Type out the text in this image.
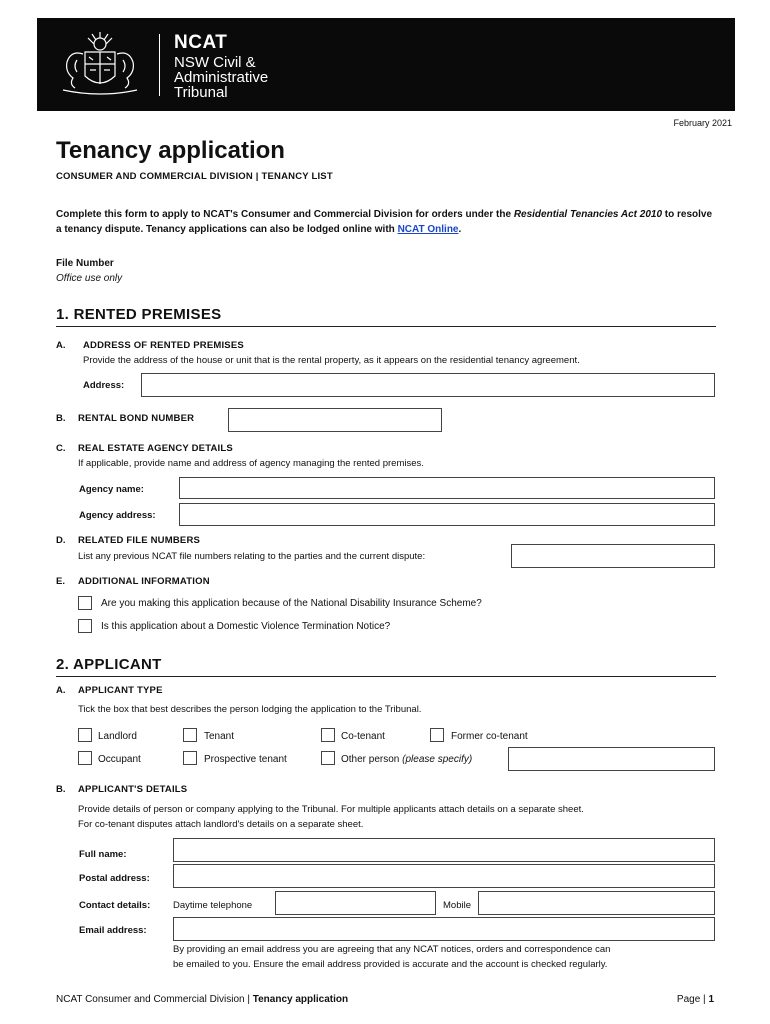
NCAT
NSW Civil &
Administrative
Tribunal
February 2021
Tenancy application
CONSUMER AND COMMERCIAL DIVISION | TENANCY LIST
Complete this form to apply to NCAT's Consumer and Commercial Division for orders under the Residential Tenancies Act 2010 to resolve a tenancy dispute. Tenancy applications can also be lodged online with NCAT Online.
File Number
Office use only
1. RENTED PREMISES
A. ADDRESS OF RENTED PREMISES
Provide the address of the house or unit that is the rental property, as it appears on the residential tenancy agreement.
Address:
B. RENTAL BOND NUMBER
C. REAL ESTATE AGENCY DETAILS
If applicable, provide name and address of agency managing the rented premises.
Agency name:
Agency address:
D. RELATED FILE NUMBERS
List any previous NCAT file numbers relating to the parties and the current dispute:
E. ADDITIONAL INFORMATION
Are you making this application because of the National Disability Insurance Scheme?
Is this application about a Domestic Violence Termination Notice?
2. APPLICANT
A. APPLICANT TYPE
Tick the box that best describes the person lodging the application to the Tribunal.
Landlord	Tenant	Co-tenant	Former co-tenant
Occupant	Prospective tenant	Other person (please specify)
B. APPLICANT'S DETAILS
Provide details of person or company applying to the Tribunal. For multiple applicants attach details on a separate sheet.
For co-tenant disputes attach landlord's details on a separate sheet.
Full name:
Postal address:
Contact details: Daytime telephone	Mobile
Email address:
By providing an email address you are agreeing that any NCAT notices, orders and correspondence can
be emailed to you. Ensure the email address provided is accurate and the account is checked regularly.
NCAT Consumer and Commercial Division | Tenancy application	Page | 1
